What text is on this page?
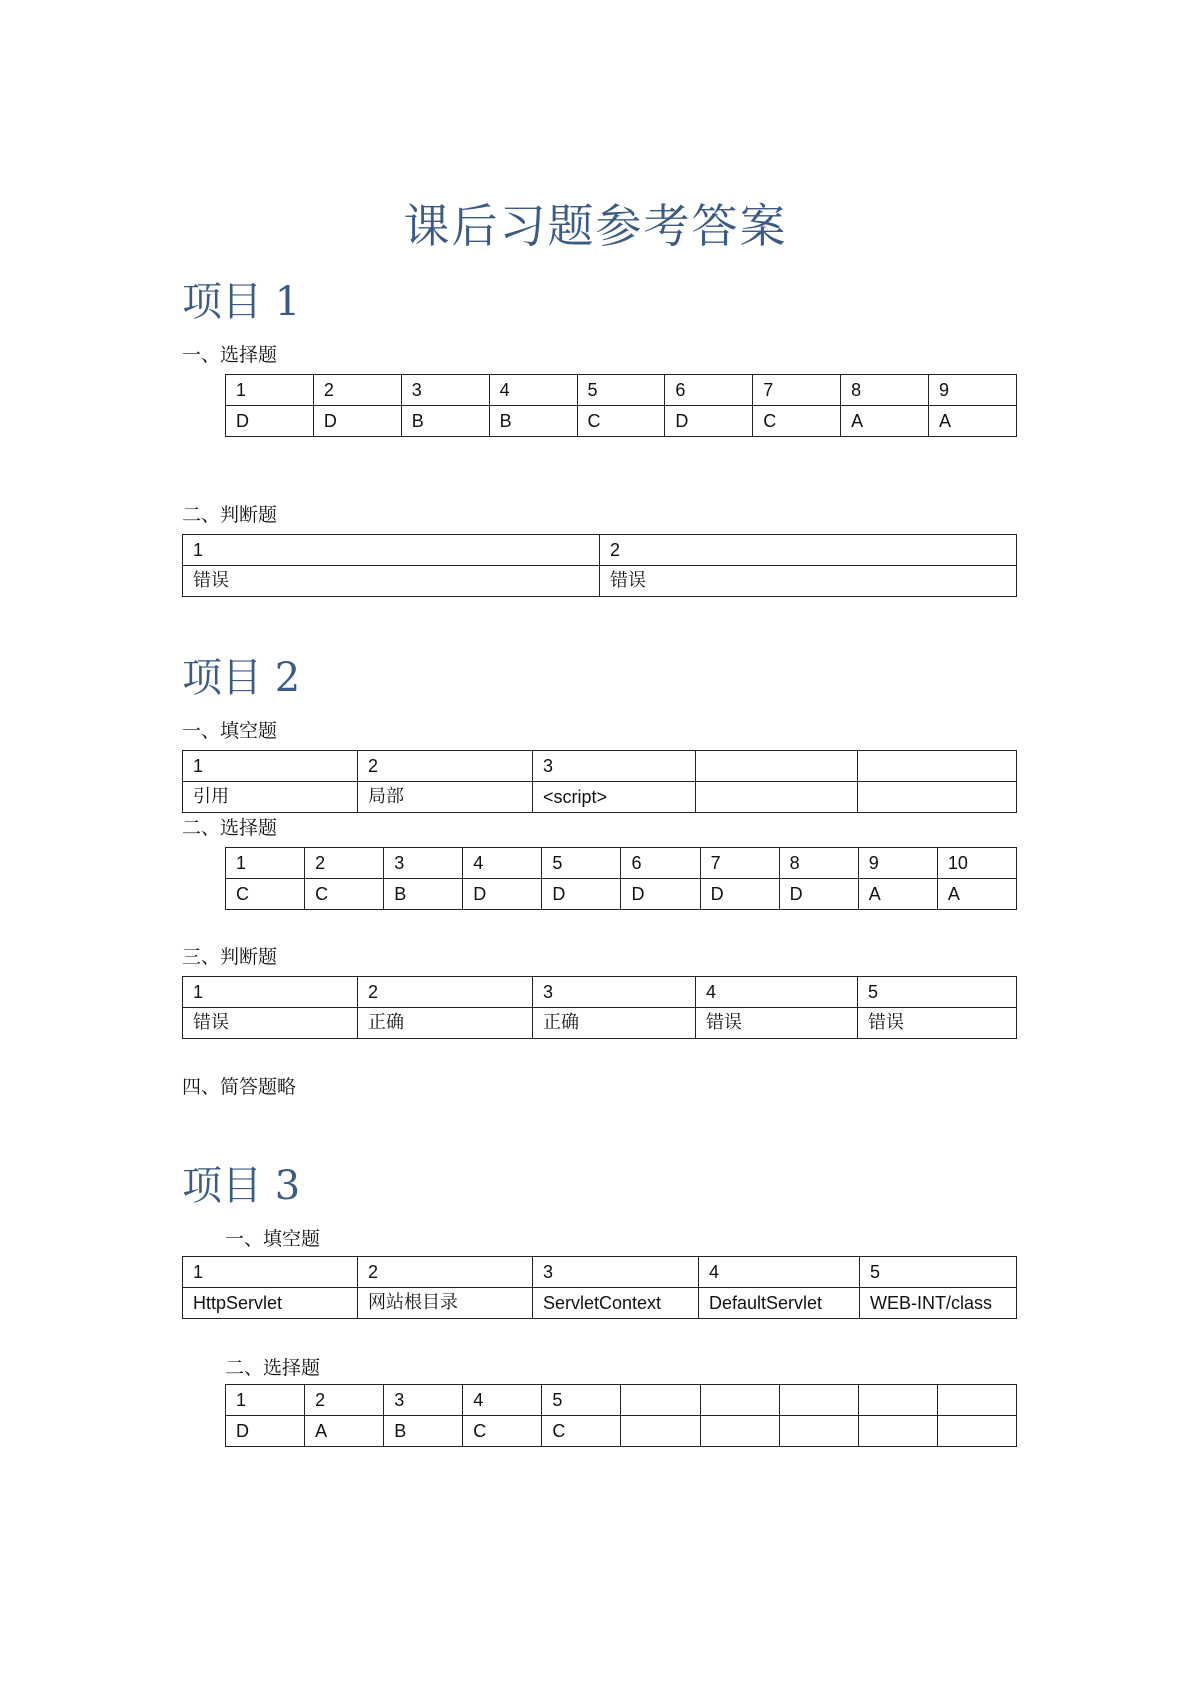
课后习题参考答案
项目 1
一、选择题
1	2	3	4	5	6	7	8	9
D	D	B	B	C	D	C	A	A
二、判断题
1	2
错误	错误
项目 2
一、填空题
1	2	3		
引用	局部	<script>		
二、选择题
1	2	3	4	5	6	7	8	9	10
C	C	B	D	D	D	D	D	A	A
三、判断题
1	2	3	4	5
错误	正确	正确	错误	错误
四、简答题略
项目 3
一、填空题
1	2	3	4	5
HttpServlet	网站根目录	ServletContext	DefaultServlet	WEB-INT/class
二、选择题
1	2	3	4	5					
D	A	B	C	C					
